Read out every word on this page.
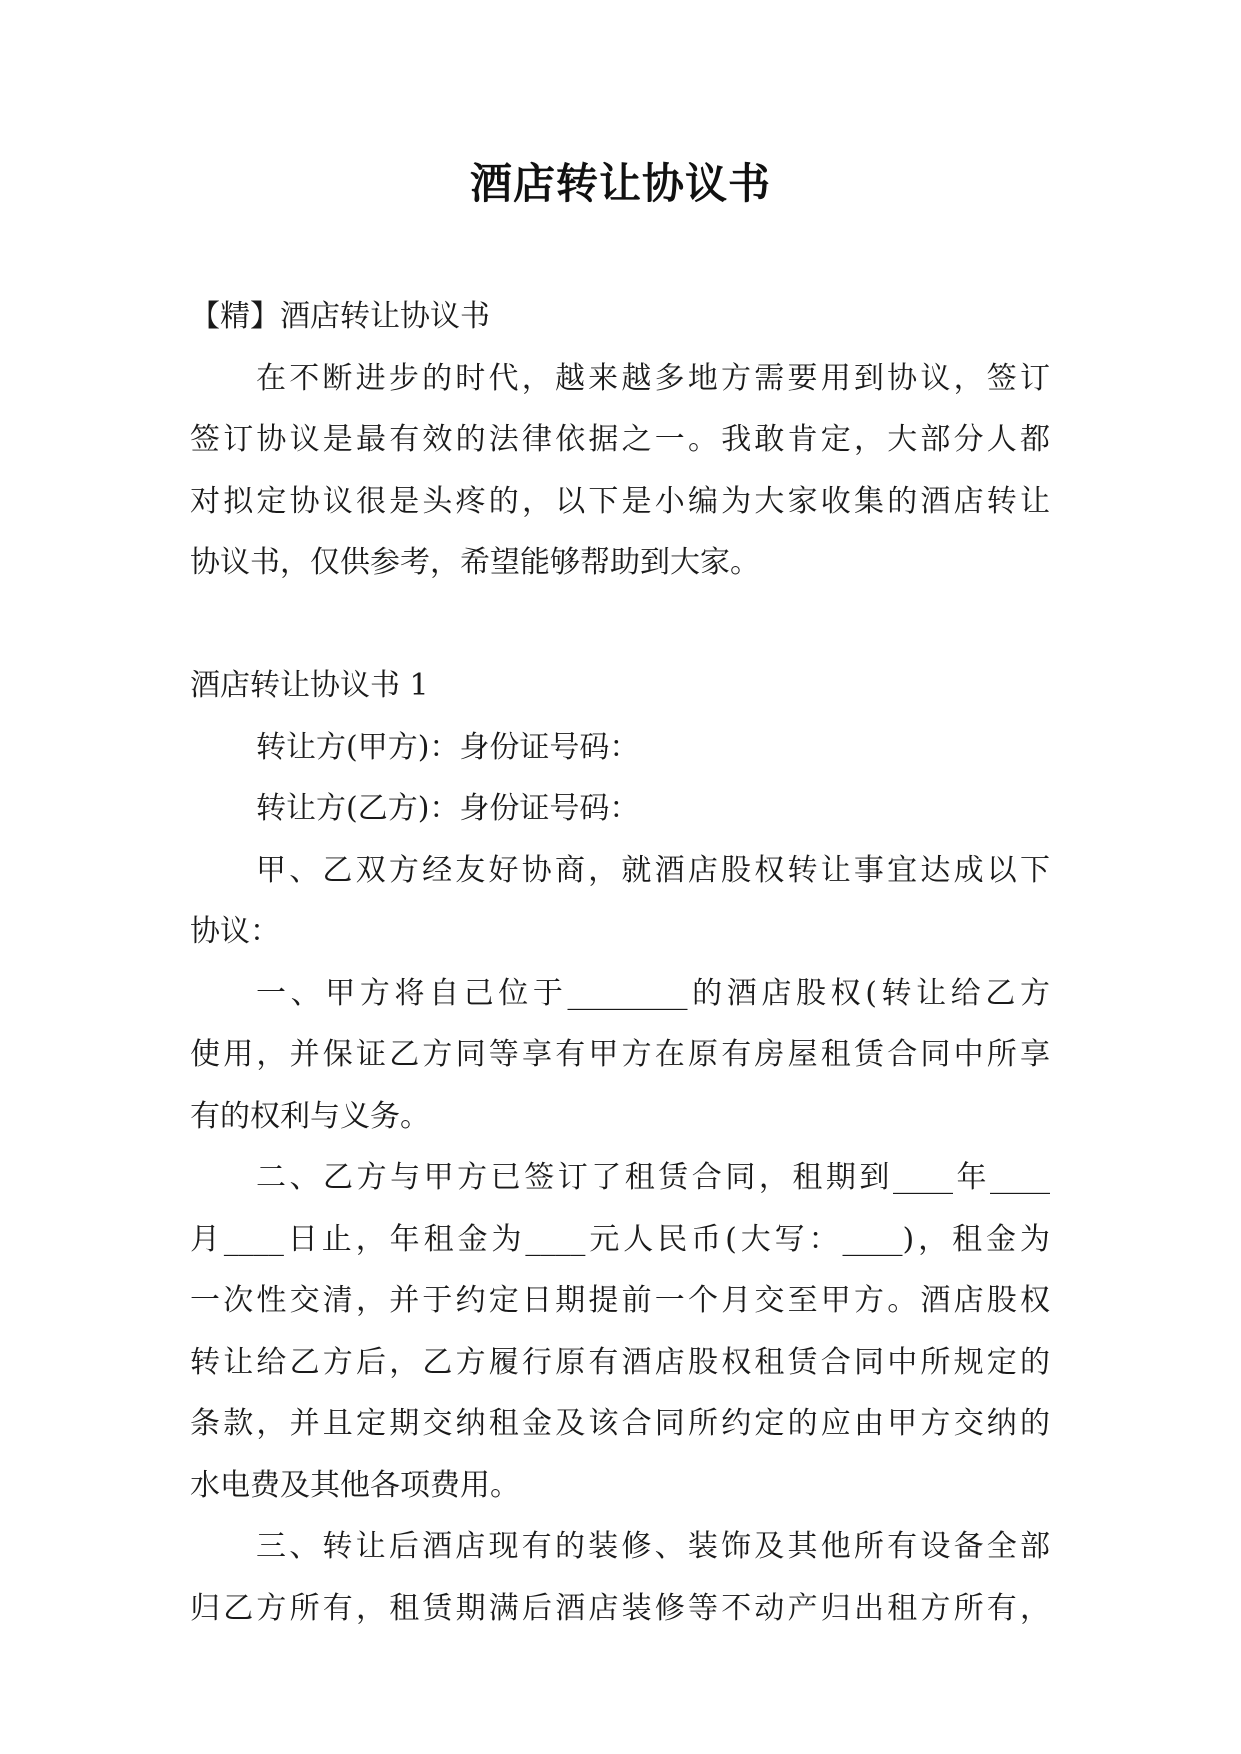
酒店转让协议书
【精】酒店转让协议书
在不断进步的时代，越来越多地方需要用到协议，签订
签订协议是最有效的法律依据之一。我敢肯定，大部分人都
对拟定协议很是头疼的，以下是小编为大家收集的酒店转让
协议书，仅供参考，希望能够帮助到大家。
酒店转让协议书 1
转让方(甲方)：身份证号码：
转让方(乙方)：身份证号码：
甲、乙双方经友好协商，就酒店股权转让事宜达成以下
协议：
一、甲方将自己位于________的酒店股权(转让给乙方
使用，并保证乙方同等享有甲方在原有房屋租赁合同中所享
有的权利与义务。
二、乙方与甲方已签订了租赁合同，租期到____年____
月____日止，年租金为____元人民币(大写：____)，租金为
一次性交清，并于约定日期提前一个月交至甲方。酒店股权
转让给乙方后，乙方履行原有酒店股权租赁合同中所规定的
条款，并且定期交纳租金及该合同所约定的应由甲方交纳的
水电费及其他各项费用。
三、转让后酒店现有的装修、装饰及其他所有设备全部
归乙方所有，租赁期满后酒店装修等不动产归出租方所有，
